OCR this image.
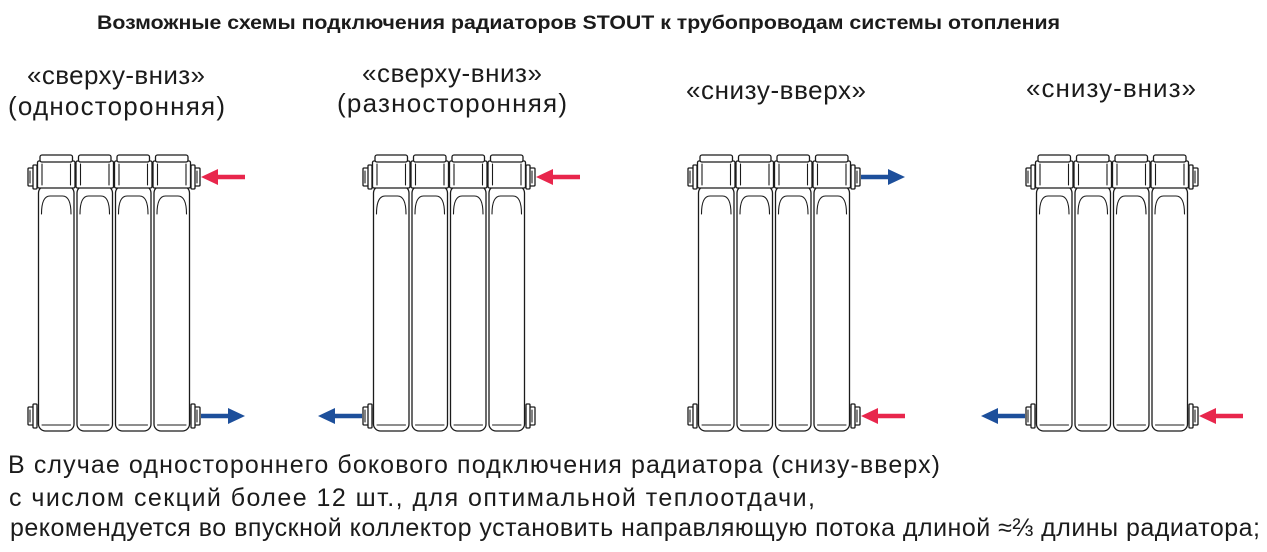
Возможные схемы подключения радиаторов STOUT к трубопроводам системы отопления
«сверху-вниз»
(односторонняя)
«сверху-вниз»
(разносторонняя)	«снизу-вверх»	«снизу-вниз»
В случае одностороннего бокового подключения радиатора (снизу-вверх)
с числом секций более 12 шт., для оптимальной теплоотдачи,
рекомендуется во впускной коллектор установить направляющую потока длиной ≈⅔ длины радиатора;
